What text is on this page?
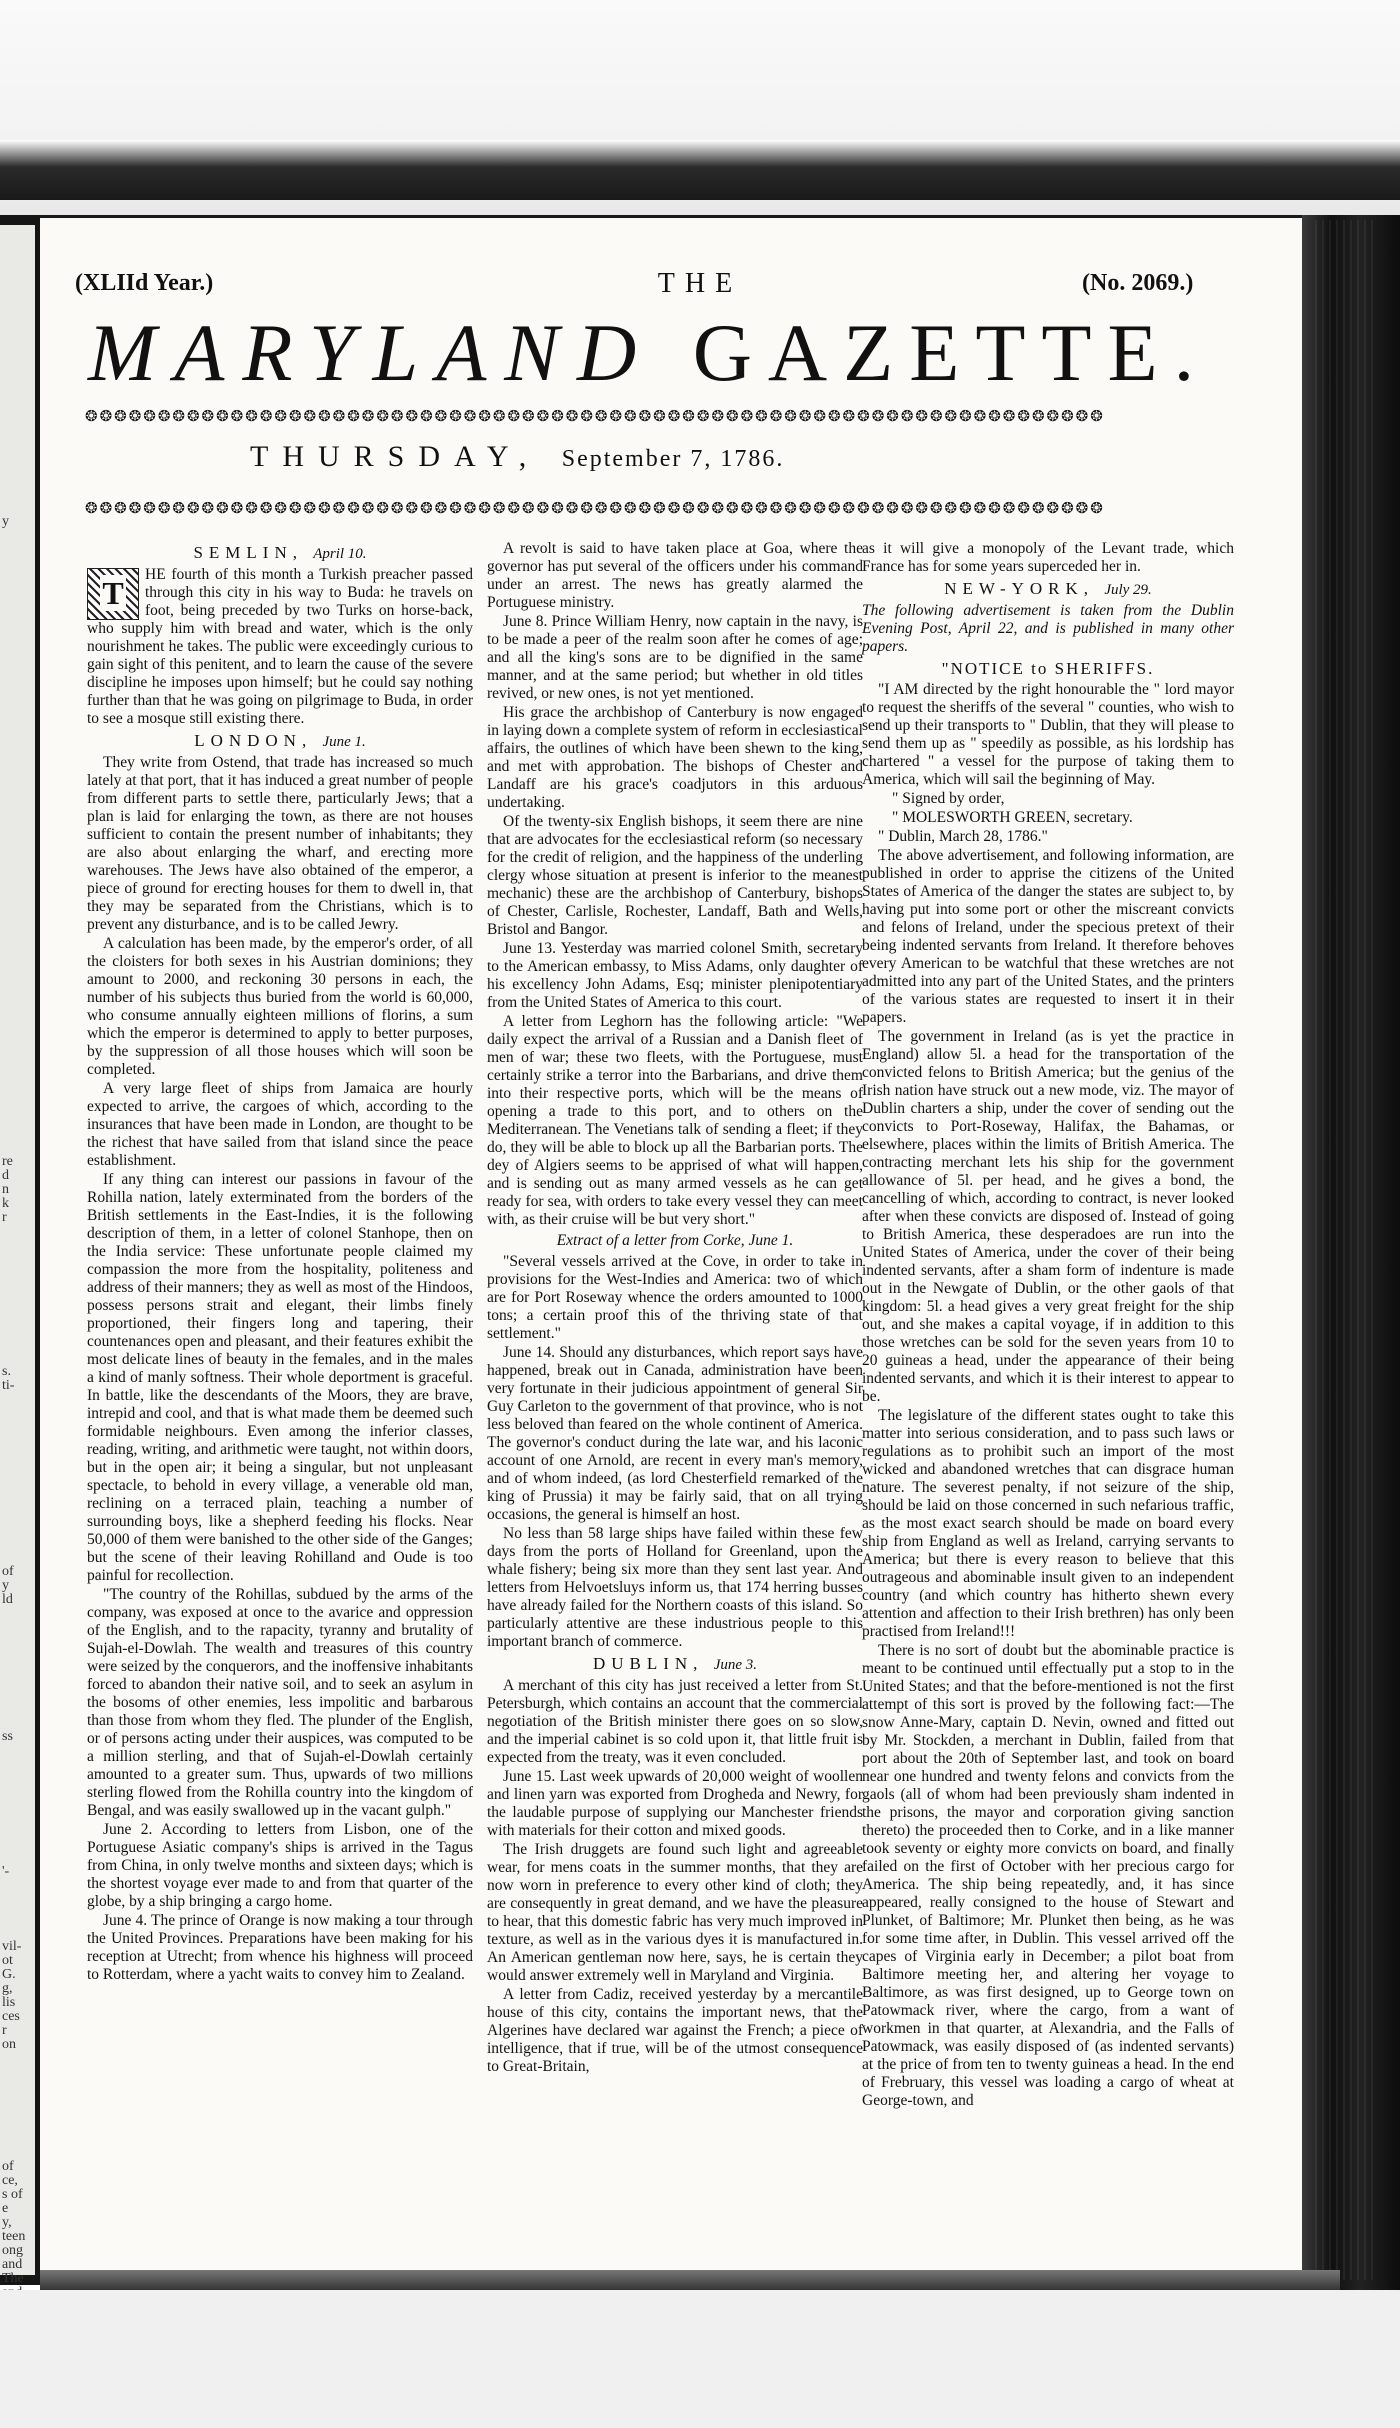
y
re
d
n
k
r
s.
ti-
of
y
ld
ss
'-
vil-
ot
G.
g,
lis
ces
r
on
of
ce,
s of
e
y,
teen
ong
and
The

(XLIId Year.)	THE	(No. 2069.)
MARYLAND GAZETTE.
❂❂❂❂❂❂❂❂❂❂❂❂❂❂❂❂❂❂❂❂❂❂❂❂❂❂❂❂❂❂❂❂❂❂❂❂❂❂❂❂❂❂❂❂❂❂❂❂❂❂❂❂❂❂❂❂❂❂❂❂❂❂❂❂❂❂❂❂❂❂
THURSDAY, September 7, 1786.
❂❂❂❂❂❂❂❂❂❂❂❂❂❂❂❂❂❂❂❂❂❂❂❂❂❂❂❂❂❂❂❂❂❂❂❂❂❂❂❂❂❂❂❂❂❂❂❂❂❂❂❂❂❂❂❂❂❂❂❂❂❂❂❂❂❂❂❂❂❂

SEMLIN, April 10.

T
HE fourth of this month a Turkish preacher passed through this city in his way to Buda: he travels on foot, being preceded by two Turks on horse-back, who supply him with bread and water, which is the only nourishment he takes. The public were exceedingly curious to gain sight of this penitent, and to learn the cause of the severe discipline he imposes upon himself; but he could say nothing further than that he was going on pilgrimage to Buda, in order to see a mosque still existing there.

LONDON, June 1.

They write from Ostend, that trade has increased so much lately at that port, that it has induced a great number of people from different parts to settle there, particularly Jews; that a plan is laid for enlarging the town, as there are not houses sufficient to contain the present number of inhabitants; they are also about enlarging the wharf, and erecting more warehouses. The Jews have also obtained of the emperor, a piece of ground for erecting houses for them to dwell in, that they may be separated from the Christians, which is to prevent any disturbance, and is to be called Jewry.

A calculation has been made, by the emperor's order, of all the cloisters for both sexes in his Austrian dominions; they amount to 2000, and reckoning 30 persons in each, the number of his subjects thus buried from the world is 60,000, who consume annually eighteen millions of florins, a sum which the emperor is determined to apply to better purposes, by the suppression of all those houses which will soon be completed.

A very large fleet of ships from Jamaica are hourly expected to arrive, the cargoes of which, according to the insurances that have been made in London, are thought to be the richest that have sailed from that island since the peace establishment.

If any thing can interest our passions in favour of the Rohilla nation, lately exterminated from the borders of the British settlements in the East-Indies, it is the following description of them, in a letter of colonel Stanhope, then on the India service: These unfortunate people claimed my compassion the more from the hospitality, politeness and address of their manners; they as well as most of the Hindoos, possess persons strait and elegant, their limbs finely proportioned, their fingers long and tapering, their countenances open and pleasant, and their features exhibit the most delicate lines of beauty in the females, and in the males a kind of manly softness. Their whole deportment is graceful. In battle, like the descendants of the Moors, they are brave, intrepid and cool, and that is what made them be deemed such formidable neighbours. Even among the inferior classes, reading, writing, and arithmetic were taught, not within doors, but in the open air; it being a singular, but not unpleasant spectacle, to behold in every village, a venerable old man, reclining on a terraced plain, teaching a number of surrounding boys, like a shepherd feeding his flocks. Near 50,000 of them were banished to the other side of the Ganges; but the scene of their leaving Rohilland and Oude is too painful for recollection.

"The country of the Rohillas, subdued by the arms of the company, was exposed at once to the avarice and oppression of the English, and to the rapacity, tyranny and brutality of Sujah-el-Dowlah. The wealth and treasures of this country were seized by the conquerors, and the inoffensive inhabitants forced to abandon their native soil, and to seek an asylum in the bosoms of other enemies, less impolitic and barbarous than those from whom they fled. The plunder of the English, or of persons acting under their auspices, was computed to be a million sterling, and that of Sujah-el-Dowlah certainly amounted to a greater sum. Thus, upwards of two millions sterling flowed from the Rohilla country into the kingdom of Bengal, and was easily swallowed up in the vacant gulph."

June 2. According to letters from Lisbon, one of the Portuguese Asiatic company's ships is arrived in the Tagus from China, in only twelve months and sixteen days; which is the shortest voyage ever made to and from that quarter of the globe, by a ship bringing a cargo home.

June 4. The prince of Orange is now making a tour through the United Provinces. Preparations have been making for his reception at Utrecht; from whence his highness will proceed to Rotterdam, where a yacht waits to convey him to Zealand.

A revolt is said to have taken place at Goa, where the governor has put several of the officers under his command under an arrest. The news has greatly alarmed the Portuguese ministry.

June 8. Prince William Henry, now captain in the navy, is to be made a peer of the realm soon after he comes of age; and all the king's sons are to be dignified in the same manner, and at the same period; but whether in old titles revived, or new ones, is not yet mentioned.

His grace the archbishop of Canterbury is now engaged in laying down a complete system of reform in ecclesiastical affairs, the outlines of which have been shewn to the king, and met with approbation. The bishops of Chester and Landaff are his grace's coadjutors in this arduous undertaking.

Of the twenty-six English bishops, it seem there are nine that are advocates for the ecclesiastical reform (so necessary for the credit of religion, and the happiness of the underling clergy whose situation at present is inferior to the meanest mechanic) these are the archbishop of Canterbury, bishops of Chester, Carlisle, Rochester, Landaff, Bath and Wells, Bristol and Bangor.

June 13. Yesterday was married colonel Smith, secretary to the American embassy, to Miss Adams, only daughter of his excellency John Adams, Esq; minister plenipotentiary from the United States of America to this court.

A letter from Leghorn has the following article: "We daily expect the arrival of a Russian and a Danish fleet of men of war; these two fleets, with the Portuguese, must certainly strike a terror into the Barbarians, and drive them into their respective ports, which will be the means of opening a trade to this port, and to others on the Mediterranean. The Venetians talk of sending a fleet; if they do, they will be able to block up all the Barbarian ports. The dey of Algiers seems to be apprised of what will happen, and is sending out as many armed vessels as he can get ready for sea, with orders to take every vessel they can meet with, as their cruise will be but very short."

Extract of a letter from Corke, June 1.

"Several vessels arrived at the Cove, in order to take in provisions for the West-Indies and America: two of which are for Port Roseway whence the orders amounted to 1000 tons; a certain proof this of the thriving state of that settlement."

June 14. Should any disturbances, which report says have happened, break out in Canada, administration have been very fortunate in their judicious appointment of general Sir Guy Carleton to the government of that province, who is not less beloved than feared on the whole continent of America. The governor's conduct during the late war, and his laconic account of one Arnold, are recent in every man's memory, and of whom indeed, (as lord Chesterfield remarked of the king of Prussia) it may be fairly said, that on all trying occasions, the general is himself an host.

No less than 58 large ships have failed within these few days from the ports of Holland for Greenland, upon the whale fishery; being six more than they sent last year. And letters from Helvoetsluys inform us, that 174 herring busses have already failed for the Northern coasts of this island. So particularly attentive are these industrious people to this important branch of commerce.

DUBLIN, June 3.

A merchant of this city has just received a letter from St. Petersburgh, which contains an account that the commercial negotiation of the British minister there goes on so slow, and the imperial cabinet is so cold upon it, that little fruit is expected from the treaty, was it even concluded.

June 15. Last week upwards of 20,000 weight of woollen and linen yarn was exported from Drogheda and Newry, for the laudable purpose of supplying our Manchester friends with materials for their cotton and mixed goods.

The Irish druggets are found such light and agreeable wear, for mens coats in the summer months, that they are now worn in preference to every other kind of cloth; they are consequently in great demand, and we have the pleasure to hear, that this domestic fabric has very much improved in texture, as well as in the various dyes it is manufactured in. An American gentleman now here, says, he is certain they would answer extremely well in Maryland and Virginia.

A letter from Cadiz, received yesterday by a mercantile house of this city, contains the important news, that the Algerines have declared war against the French; a piece of intelligence, that if true, will be of the utmost consequence to Great-Britain,

as it will give a monopoly of the Levant trade, which France has for some years superceded her in.

NEW-YORK, July 29.

The following advertisement is taken from the Dublin Evening Post, April 22, and is published in many other papers.

"NOTICE to SHERIFFS.

"I AM directed by the right honourable the " lord mayor to request the sheriffs of the several " counties, who wish to send up their transports to " Dublin, that they will please to send them up as " speedily as possible, as his lordship has chartered " a vessel for the purpose of taking them to America, which will sail the beginning of May.

" Signed by order,

" MOLESWORTH GREEN, secretary.

" Dublin, March 28, 1786."

The above advertisement, and following information, are published in order to apprise the citizens of the United States of America of the danger the states are subject to, by having put into some port or other the miscreant convicts and felons of Ireland, under the specious pretext of their being indented servants from Ireland. It therefore behoves every American to be watchful that these wretches are not admitted into any part of the United States, and the printers of the various states are requested to insert it in their papers.

The government in Ireland (as is yet the practice in England) allow 5l. a head for the transportation of the convicted felons to British America; but the genius of the Irish nation have struck out a new mode, viz. The mayor of Dublin charters a ship, under the cover of sending out the convicts to Port-Roseway, Halifax, the Bahamas, or elsewhere, places within the limits of British America. The contracting merchant lets his ship for the government allowance of 5l. per head, and he gives a bond, the cancelling of which, according to contract, is never looked after when these convicts are disposed of. Instead of going to British America, these desperadoes are run into the United States of America, under the cover of their being indented servants, after a sham form of indenture is made out in the Newgate of Dublin, or the other gaols of that kingdom: 5l. a head gives a very great freight for the ship out, and she makes a capital voyage, if in addition to this those wretches can be sold for the seven years from 10 to 20 guineas a head, under the appearance of their being indented servants, and which it is their interest to appear to be.

The legislature of the different states ought to take this matter into serious consideration, and to pass such laws or regulations as to prohibit such an import of the most wicked and abandoned wretches that can disgrace human nature. The severest penalty, if not seizure of the ship, should be laid on those concerned in such nefarious traffic, as the most exact search should be made on board every ship from England as well as Ireland, carrying servants to America; but there is every reason to believe that this outrageous and abominable insult given to an independent country (and which country has hitherto shewn every attention and affection to their Irish brethren) has only been practised from Ireland!!!

There is no sort of doubt but the abominable practice is meant to be continued until effectually put a stop to in the United States; and that the before-mentioned is not the first attempt of this sort is proved by the following fact:—The snow Anne-Mary, captain D. Nevin, owned and fitted out by Mr. Stockden, a merchant in Dublin, failed from that port about the 20th of September last, and took on board near one hundred and twenty felons and convicts from the gaols (all of whom had been previously sham indented in the prisons, the mayor and corporation giving sanction thereto) the proceeded then to Corke, and in a like manner took seventy or eighty more convicts on board, and finally failed on the first of October with her precious cargo for America. The ship being repeatedly, and, it has since appeared, really consigned to the house of Stewart and Plunket, of Baltimore; Mr. Plunket then being, as he was for some time after, in Dublin. This vessel arrived off the capes of Virginia early in December; a pilot boat from Baltimore meeting her, and altering her voyage to Baltimore, as was first designed, up to George town on Patowmack river, where the cargo, from a want of workmen in that quarter, at Alexandria, and the Falls of Patowmack, was easily disposed of (as indented servants) at the price of from ten to twenty guineas a head. In the end of Frebruary, this vessel was loading a cargo of wheat at George-town, and
